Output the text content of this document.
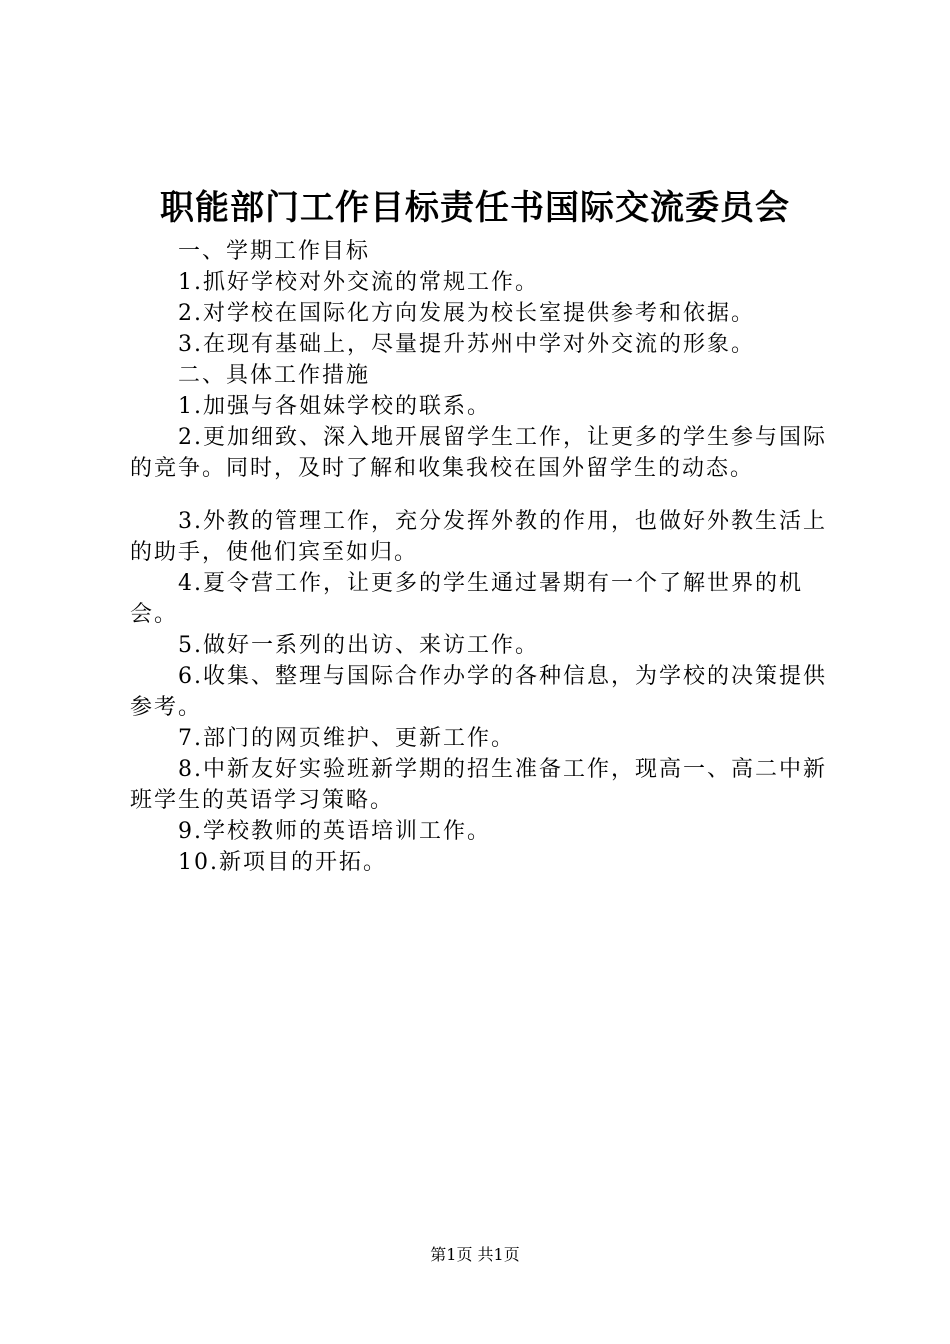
职能部门工作目标责任书国际交流委员会

一、学期工作目标

1.抓好学校对外交流的常规工作。

2.对学校在国际化方向发展为校长室提供参考和依据。

3.在现有基础上，尽量提升苏州中学对外交流的形象。

二、具体工作措施

1.加强与各姐妹学校的联系。

2.更加细致、深入地开展留学生工作，让更多的学生参与国际的竞争。同时，及时了解和收集我校在国外留学生的动态。

3.外教的管理工作，充分发挥外教的作用，也做好外教生活上的助手，使他们宾至如归。

4.夏令营工作，让更多的学生通过暑期有一个了解世界的机会。

5.做好一系列的出访、来访工作。

6.收集、整理与国际合作办学的各种信息，为学校的决策提供参考。

7.部门的网页维护、更新工作。

8.中新友好实验班新学期的招生准备工作，现高一、高二中新班学生的英语学习策略。

9.学校教师的英语培训工作。

10.新项目的开拓。

第1页 共1页
